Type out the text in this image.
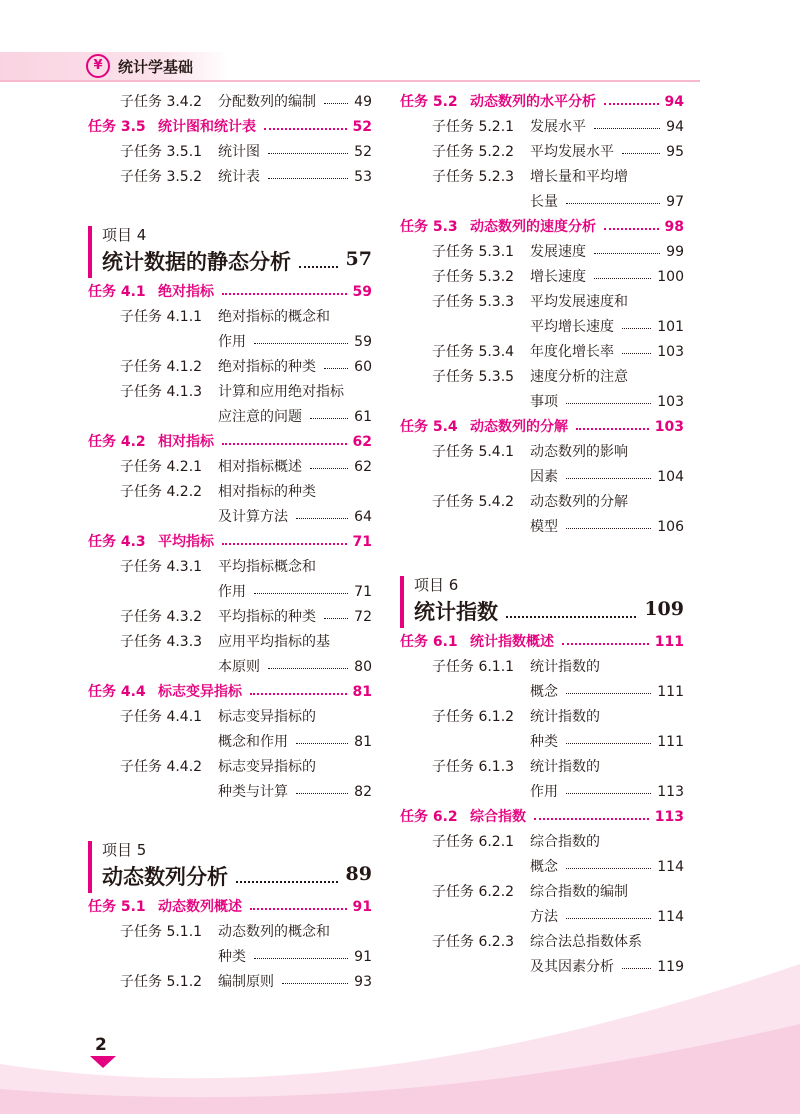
¥	统计学基础
子任务 3.4.2 分配数列的编制	49
任务 3.5 统计图和统计表	52
子任务 3.5.1 统计图	52
子任务 3.5.2 统计表	53
项目 4
统计数据的静态分析	57
任务 4.1 绝对指标	59
子任务 4.1.1 绝对指标的概念和
作用	59
子任务 4.1.2 绝对指标的种类	60
子任务 4.1.3 计算和应用绝对指标
应注意的问题	61
任务 4.2 相对指标	62
子任务 4.2.1 相对指标概述	62
子任务 4.2.2 相对指标的种类
及计算方法	64
任务 4.3 平均指标	71
子任务 4.3.1 平均指标概念和
作用	71
子任务 4.3.2 平均指标的种类	72
子任务 4.3.3 应用平均指标的基
本原则	80
任务 4.4 标志变异指标	81
子任务 4.4.1 标志变异指标的
概念和作用	81
子任务 4.4.2 标志变异指标的
种类与计算	82
项目 5
动态数列分析	89
任务 5.1 动态数列概述	91
子任务 5.1.1 动态数列的概念和
种类	91
子任务 5.1.2 编制原则	93
任务 5.2 动态数列的水平分析	94
子任务 5.2.1 发展水平	94
子任务 5.2.2 平均发展水平	95
子任务 5.2.3 增长量和平均增
长量	97
任务 5.3 动态数列的速度分析	98
子任务 5.3.1 发展速度	99
子任务 5.3.2 增长速度	100
子任务 5.3.3 平均发展速度和
平均增长速度	101
子任务 5.3.4 年度化增长率	103
子任务 5.3.5 速度分析的注意
事项	103
任务 5.4 动态数列的分解	103
子任务 5.4.1 动态数列的影响
因素	104
子任务 5.4.2 动态数列的分解
模型	106
项目 6
统计指数	109
任务 6.1 统计指数概述	111
子任务 6.1.1 统计指数的
概念	111
子任务 6.1.2 统计指数的
种类	111
子任务 6.1.3 统计指数的
作用	113
任务 6.2 综合指数	113
子任务 6.2.1 综合指数的
概念	114
子任务 6.2.2 综合指数的编制
方法	114
子任务 6.2.3 综合法总指数体系
及其因素分析	119
2
